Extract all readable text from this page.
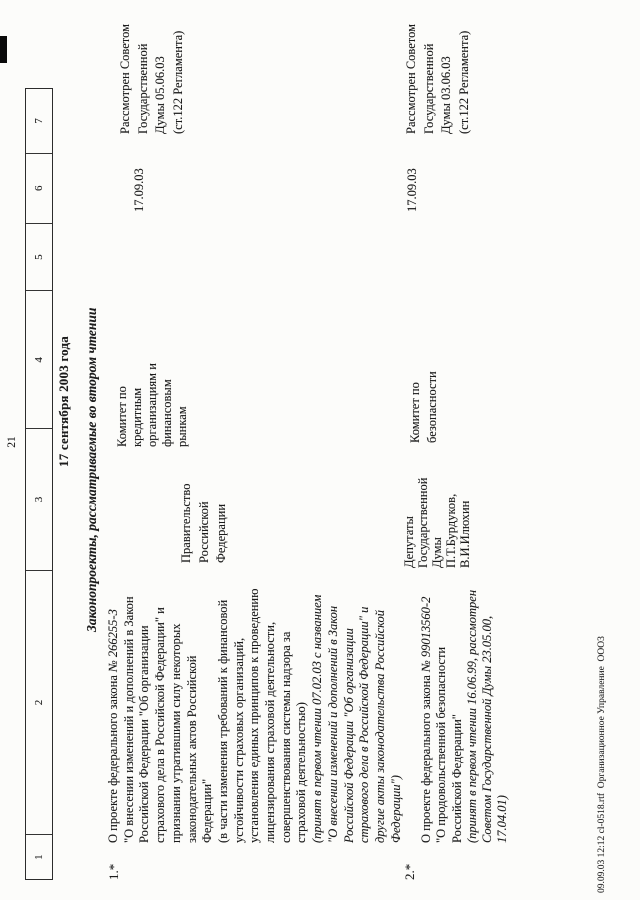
21
1
2
3
4
5
6
7
17 сентября 2003 года Законопроекты, рассматриваемые во втором чтении
1.*
О проекте федерального закона № 266255-3 "О внесении изменений и дополнений в Закон Российской Федерации "Об организации страхового дела в Российской Федерации" и признании утратившими силу некоторых законодательных актов Российской Федерации" (в части изменения требований к финансовой устойчивости страховых организаций, установления единых принципов к проведению лицензирования страховой деятельности, совершенствования системы надзора за страховой деятельностью) (принят в первом чтении 07.02.03 с названием "О внесении изменений и дополнений в Закон Российской Федерации "Об организации страхового дела в Российской Федерации" и другие акты законодательства Российской Федерации")
Правительство Российской Федерации
Комитет по кредитным организациям и финансовым рынкам
17.09.03
Рассмотрен Советом Государственной Думы 05.06.03 (ст.122 Регламента)
2.*
О проекте федерального закона № 99013560-2
"О продовольственной безопасности Российской Федерации" (принят в первом чтении 16.06.99, рассмотрен Советом Государственной Думы 23.05.00, 17.04.01)
Депутаты Государственной Думы П.Т.Бурдуков, В.И.Илюхин
Комитет по безопасности
17.09.03
Рассмотрен Советом Государственной Думы 03.06.03 (ст.122 Регламента)
09.09.03 12:12 cl-0518.rtf  Организационное Управление  ООО3
